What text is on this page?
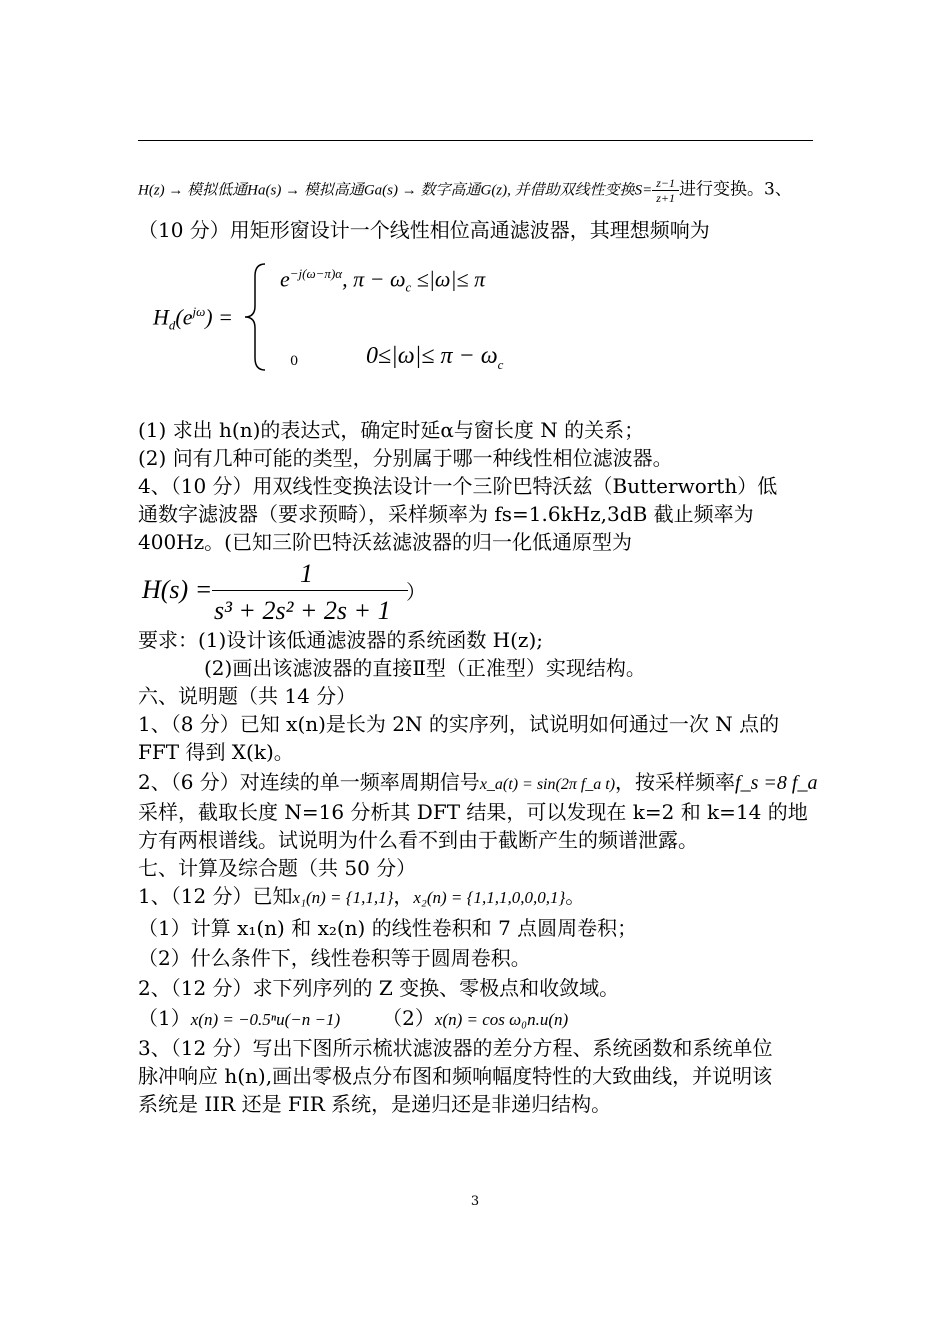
H(z) → 模拟低通Ha(s) → 模拟高通Ga(s) → 数字高通G(z), 并借助双线性变换$S= \frac{z-1}{z+1}$ 进行变换。3、
（10 分）用矩形窗设计一个线性相位高通滤波器，其理想频响为
$H_d(e^{j\omega})$ =
$e^{-j(\omega-\pi)\alpha}$, $\pi - \omega_c \le|\omega|\le \pi$
0	$0\le|\omega|\le \pi - \omega_c$
(1) 求出 h(n)的表达式，确定时延α与窗长度 N 的关系；
(2) 问有几种可能的类型，分别属于哪一种线性相位滤波器。
4、（10 分）用双线性变换法设计一个三阶巴特沃兹（Butterworth）低
通数字滤波器（要求预畸），采样频率为 fs=1.6kHz,3dB 截止频率为
400Hz。(已知三阶巴特沃兹滤波器的归一化低通原型为
H(s) =
1
s³ + 2s² + 2s + 1
）
要求：(1)设计该低通滤波器的系统函数 H(z);
(2)画出该滤波器的直接Ⅱ型（正准型）实现结构。
六、说明题（共 14 分）
1、（8 分）已知 x(n)是长为 2N 的实序列，试说明如何通过一次 N 点的
FFT 得到 X(k)。
2、（6 分）对连续的单一频率周期信号x_a(t) = sin(2π f_a t)，按采样频率f_s =8 f_a
采样，截取长度 N=16 分析其 DFT 结果，可以发现在 k=2 和 k=14 的地
方有两根谱线。试说明为什么看不到由于截断产生的频谱泄露。
七、计算及综合题（共 50 分）
1、（12 分）已知x₁(n) = {1,1,1}，x₂(n) = {1,1,1,0,0,0,1}。
（1）计算 x₁(n) 和 x₂(n) 的线性卷积和 7 点圆周卷积；
（2）什么条件下，线性卷积等于圆周卷积。
2、（12 分）求下列序列的 Z 变换、零极点和收敛域。
（1）x(n) = −0.5ⁿu(−n −1) （2）x(n) = cos ω₀n.u(n)
3、（12 分）写出下图所示梳状滤波器的差分方程、系统函数和系统单位
脉冲响应 h(n),画出零极点分布图和频响幅度特性的大致曲线，并说明该
系统是 IIR 还是 FIR 系统，是递归还是非递归结构。
3
